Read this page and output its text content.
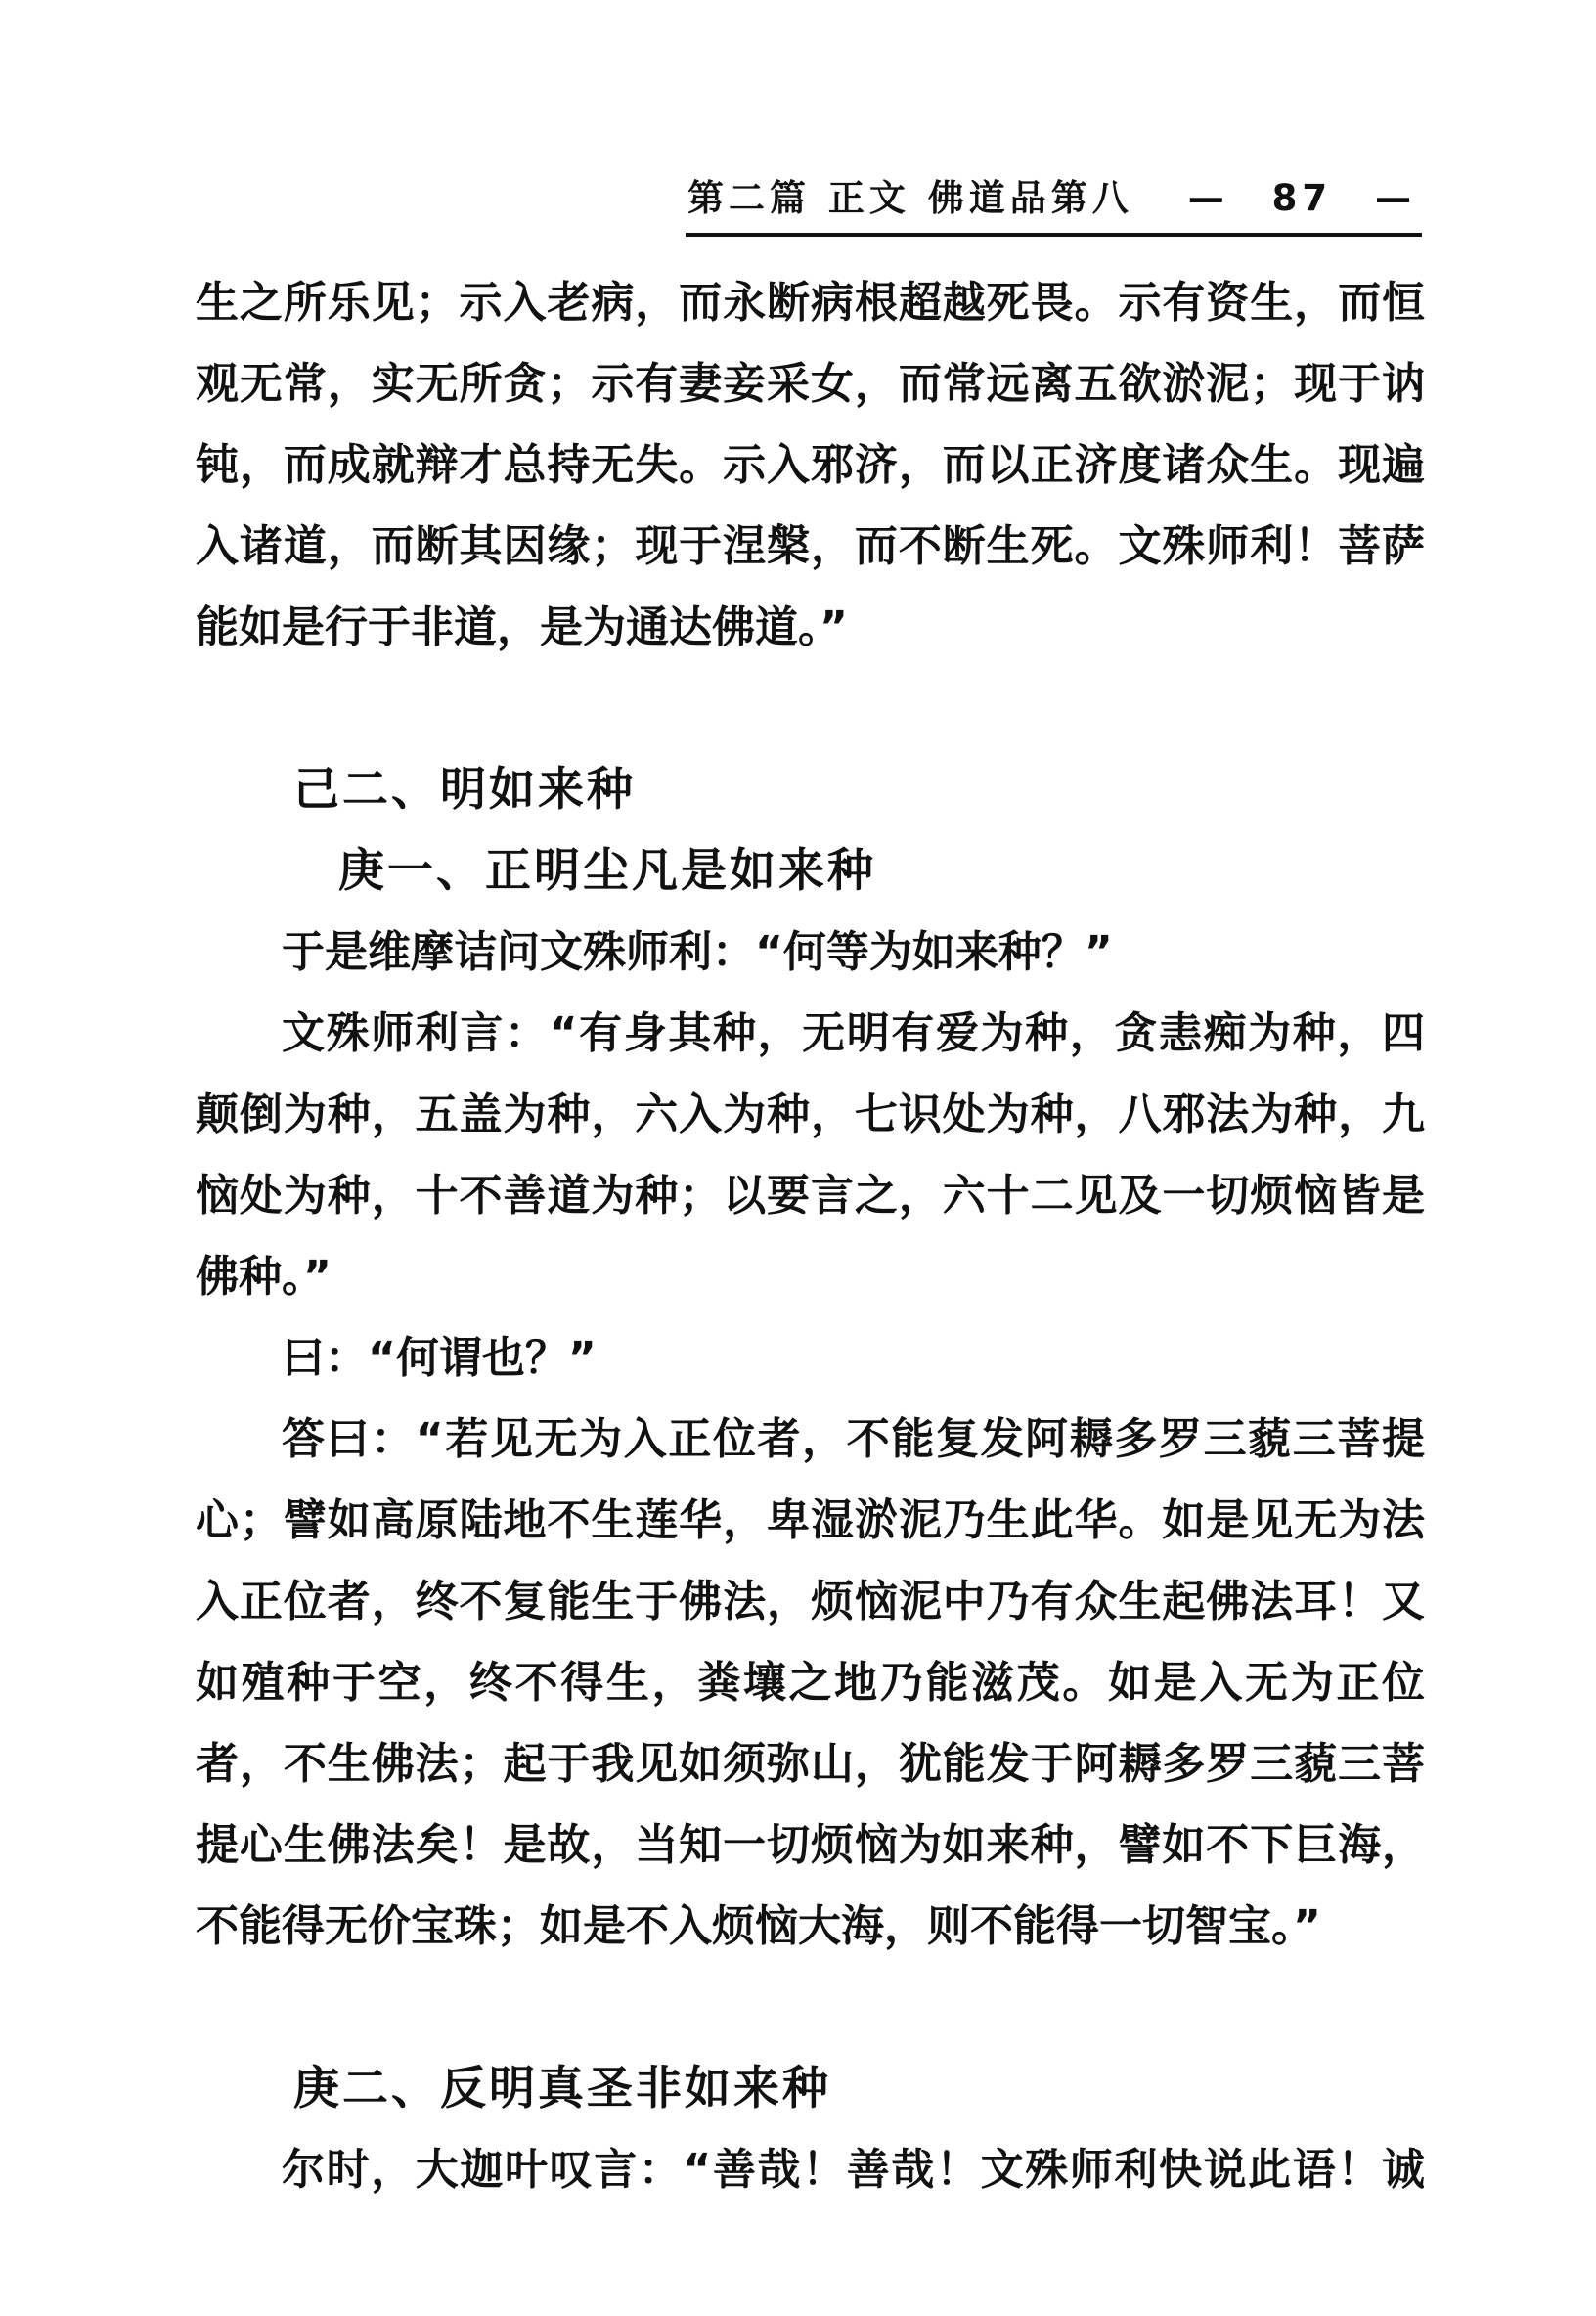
第二篇 正文 佛道品第八 — 87 —
生之所乐见；示入老病，而永断病根超越死畏。示有资生，而恒
观无常，实无所贪；示有妻妾采女，而常远离五欲淤泥；现于讷
钝，而成就辩才总持无失。示入邪济，而以正济度诸众生。现遍
入诸道，而断其因缘；现于涅槃，而不断生死。文殊师利！菩萨
能如是行于非道，是为通达佛道。”
己二、明如来种
庚一、正明尘凡是如来种
于是维摩诘问文殊师利：“何等为如来种？”
文殊师利言：“有身其种，无明有爱为种，贪恚痴为种，四
颠倒为种，五盖为种，六入为种，七识处为种，八邪法为种，九
恼处为种，十不善道为种；以要言之，六十二见及一切烦恼皆是
佛种。”
曰：“何谓也？”
答曰：“若见无为入正位者，不能复发阿耨多罗三藐三菩提
心；譬如高原陆地不生莲华，卑湿淤泥乃生此华。如是见无为法
入正位者，终不复能生于佛法，烦恼泥中乃有众生起佛法耳！又
如殖种于空，终不得生，粪壤之地乃能滋茂。如是入无为正位
者，不生佛法；起于我见如须弥山，犹能发于阿耨多罗三藐三菩
提心生佛法矣！是故，当知一切烦恼为如来种，譬如不下巨海，
不能得无价宝珠；如是不入烦恼大海，则不能得一切智宝。”
庚二、反明真圣非如来种
尔时，大迦叶叹言：“善哉！善哉！文殊师利快说此语！诚
